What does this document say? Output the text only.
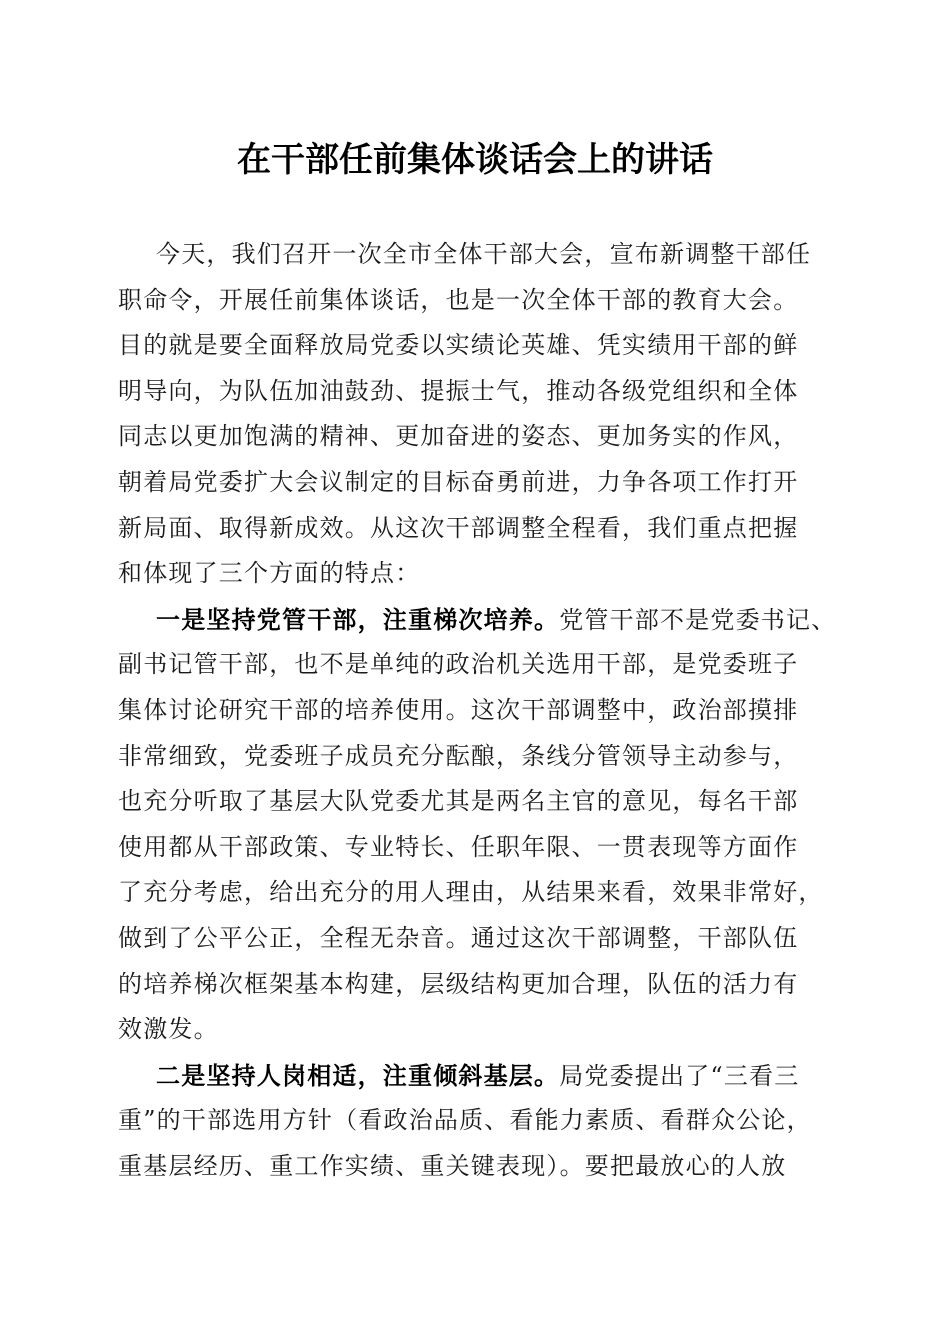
在干部任前集体谈话会上的讲话

今天，我们召开一次全市全体干部大会，宣布新调整干部任

职命令，开展任前集体谈话，也是一次全体干部的教育大会。

目的就是要全面释放局党委以实绩论英雄、凭实绩用干部的鲜

明导向，为队伍加油鼓劲、提振士气，推动各级党组织和全体

同志以更加饱满的精神、更加奋进的姿态、更加务实的作风，

朝着局党委扩大会议制定的目标奋勇前进，力争各项工作打开

新局面、取得新成效。从这次干部调整全程看，我们重点把握

和体现了三个方面的特点：

一是坚持党管干部，注重梯次培养。党管干部不是党委书记、

副书记管干部，也不是单纯的政治机关选用干部，是党委班子

集体讨论研究干部的培养使用。这次干部调整中，政治部摸排

非常细致，党委班子成员充分酝酿，条线分管领导主动参与，

也充分听取了基层大队党委尤其是两名主官的意见，每名干部

使用都从干部政策、专业特长、任职年限、一贯表现等方面作

了充分考虑，给出充分的用人理由，从结果来看，效果非常好，

做到了公平公正，全程无杂音。通过这次干部调整，干部队伍

的培养梯次框架基本构建，层级结构更加合理，队伍的活力有

效激发。

二是坚持人岗相适，注重倾斜基层。局党委提出了“三看三

重”的干部选用方针（看政治品质、看能力素质、看群众公论，

重基层经历、重工作实绩、重关键表现）。要把最放心的人放
